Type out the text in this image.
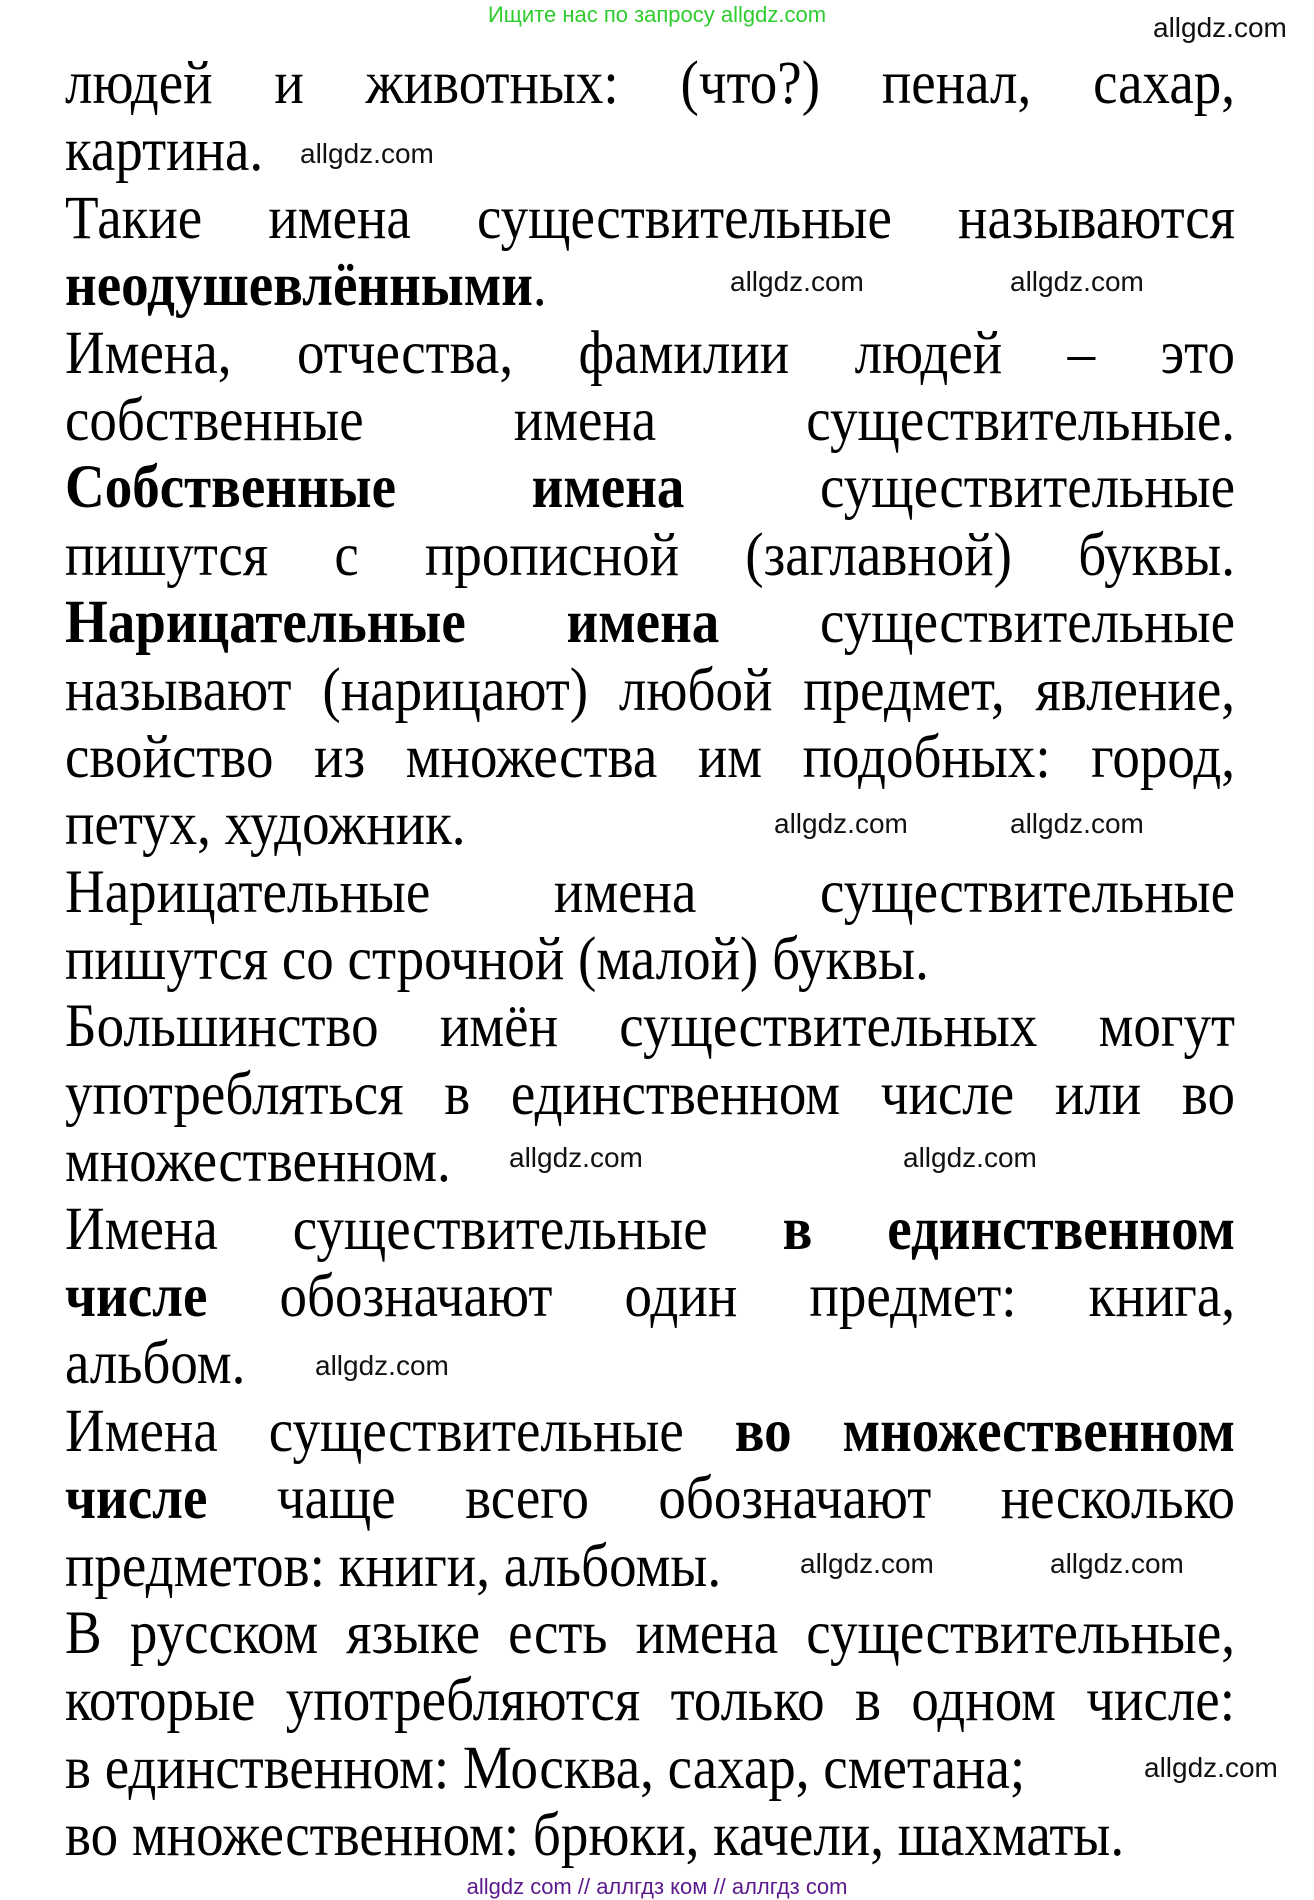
Ищите нас по запросу allgdz.com
людей и животных: (что?) пенал, сахар,
картина.
Такие имена существительные называются
неодушевлёнными.
Имена, отчества, фамилии людей – это
собственные имена существительные.
Собственные имена существительные
пишутся с прописной (заглавной) буквы.
Нарицательные имена существительные
называют (нарицают) любой предмет, явление,
свойство из множества им подобных: город,
петух, художник.
Нарицательные имена существительные
пишутся со строчной (малой) буквы.
Большинство имён существительных могут
употребляться в единственном числе или во
множественном.
Имена существительные в единственном
числе обозначают один предмет: книга,
альбом.
Имена существительные во множественном
числе чаще всего обозначают несколько
предметов: книги, альбомы.
В русском языке есть имена существительные,
которые употребляются только в одном числе:
в единственном: Москва, сахар, сметана;
во множественном: брюки, качели, шахматы.
allgdz.com
allgdz.com
allgdz.com	allgdz.com
allgdz.com
allgdz.com
allgdz.com	allgdz.com
allgdz.com
allgdz.com	allgdz.com
allgdz.com
allgdz com // аллгдз ком // аллгдз com
